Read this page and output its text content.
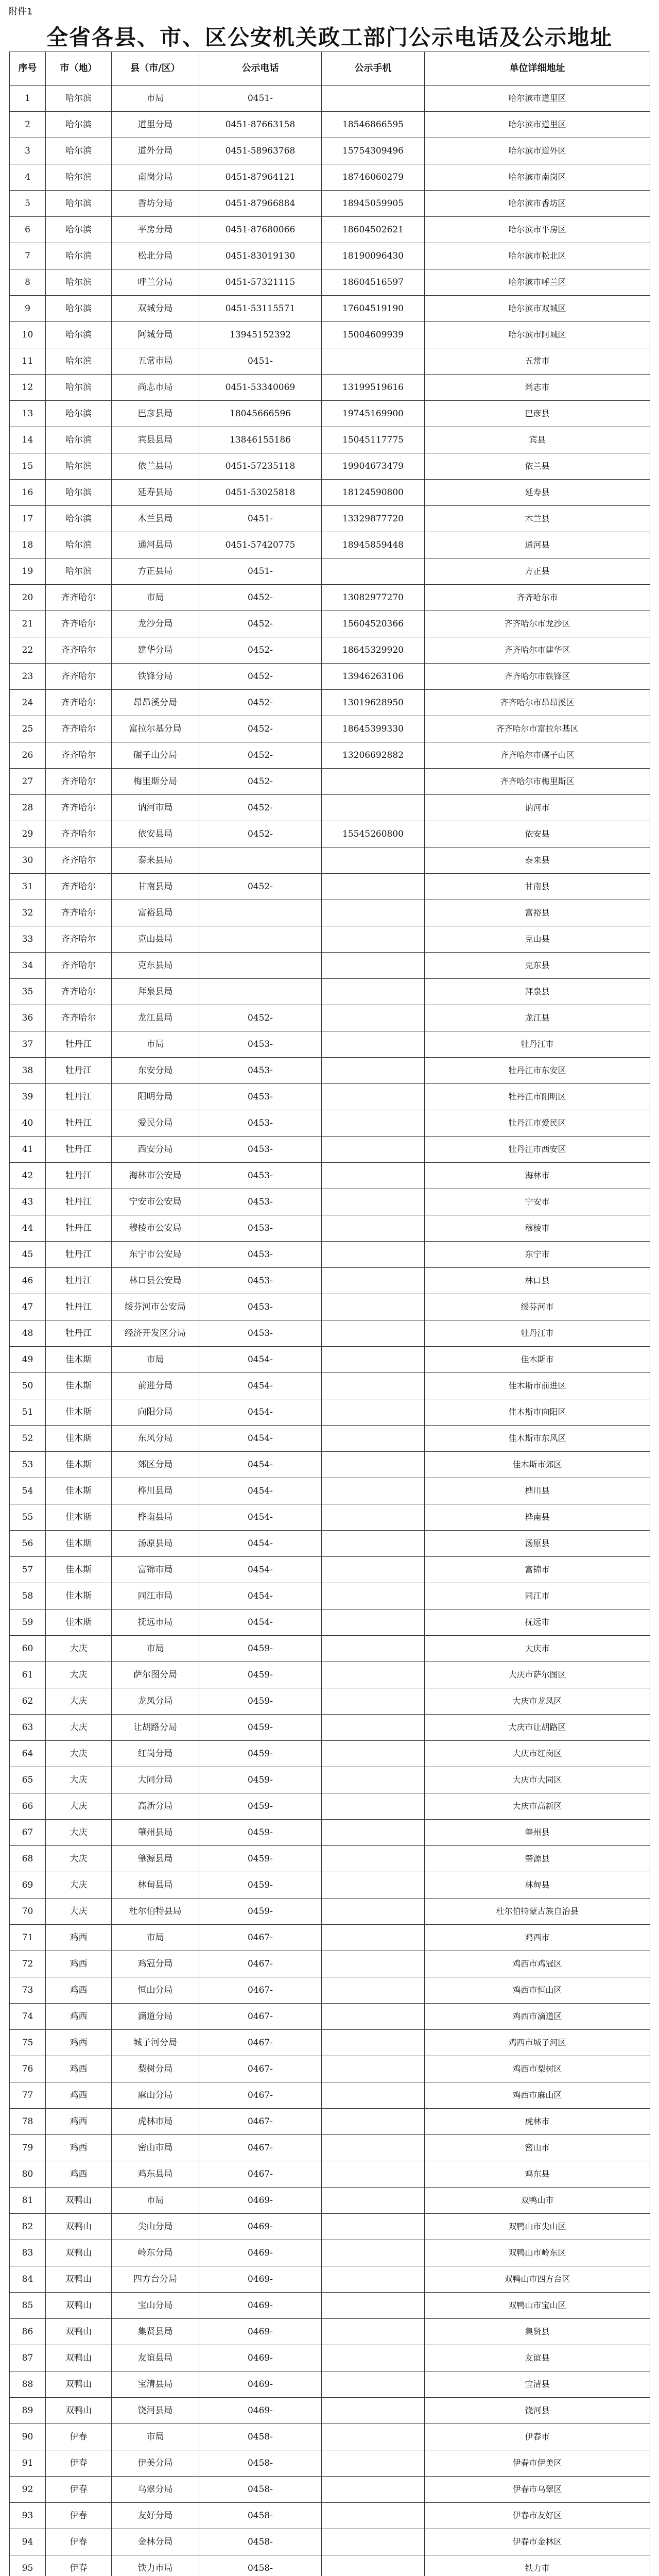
附件1
全省各县、市、区公安机关政工部门公示电话及公示地址
序号	市（地）	县（市/区）	公示电话	公示手机	单位详细地址
1	哈尔滨	市局	0451-		哈尔滨市道里区
2	哈尔滨	道里分局	0451-87663158	18546866595	哈尔滨市道里区
3	哈尔滨	道外分局	0451-58963768	15754309496	哈尔滨市道外区
4	哈尔滨	南岗分局	0451-87964121	18746060279	哈尔滨市南岗区
5	哈尔滨	香坊分局	0451-87966884	18945059905	哈尔滨市香坊区
6	哈尔滨	平房分局	0451-87680066	18604502621	哈尔滨市平房区
7	哈尔滨	松北分局	0451-83019130	18190096430	哈尔滨市松北区
8	哈尔滨	呼兰分局	0451-57321115	18604516597	哈尔滨市呼兰区
9	哈尔滨	双城分局	0451-53115571	17604519190	哈尔滨市双城区
10	哈尔滨	阿城分局	13945152392	15004609939	哈尔滨市阿城区
11	哈尔滨	五常市局	0451-		五常市
12	哈尔滨	尚志市局	0451-53340069	13199519616	尚志市
13	哈尔滨	巴彦县局	18045666596	19745169900	巴彦县
14	哈尔滨	宾县县局	13846155186	15045117775	宾县
15	哈尔滨	依兰县局	0451-57235118	19904673479	依兰县
16	哈尔滨	延寿县局	0451-53025818	18124590800	延寿县
17	哈尔滨	木兰县局	0451-	13329877720	木兰县
18	哈尔滨	通河县局	0451-57420775	18945859448	通河县
19	哈尔滨	方正县局	0451-		方正县
20	齐齐哈尔	市局	0452-	13082977270	齐齐哈尔市
21	齐齐哈尔	龙沙分局	0452-	15604520366	齐齐哈尔市龙沙区
22	齐齐哈尔	建华分局	0452-	18645329920	齐齐哈尔市建华区
23	齐齐哈尔	铁锋分局	0452-	13946263106	齐齐哈尔市铁锋区
24	齐齐哈尔	昂昂溪分局	0452-	13019628950	齐齐哈尔市昂昂溪区
25	齐齐哈尔	富拉尔基分局	0452-	18645399330	齐齐哈尔市富拉尔基区
26	齐齐哈尔	碾子山分局	0452-	13206692882	齐齐哈尔市碾子山区
27	齐齐哈尔	梅里斯分局	0452-		齐齐哈尔市梅里斯区
28	齐齐哈尔	讷河市局	0452-		讷河市
29	齐齐哈尔	依安县局	0452-	15545260800	依安县
30	齐齐哈尔	泰来县局			泰来县
31	齐齐哈尔	甘南县局	0452-		甘南县
32	齐齐哈尔	富裕县局			富裕县
33	齐齐哈尔	克山县局			克山县
34	齐齐哈尔	克东县局			克东县
35	齐齐哈尔	拜泉县局			拜泉县
36	齐齐哈尔	龙江县局	0452-		龙江县
37	牡丹江	市局	0453-		牡丹江市
38	牡丹江	东安分局	0453-		牡丹江市东安区
39	牡丹江	阳明分局	0453-		牡丹江市阳明区
40	牡丹江	爱民分局	0453-		牡丹江市爱民区
41	牡丹江	西安分局	0453-		牡丹江市西安区
42	牡丹江	海林市公安局	0453-		海林市
43	牡丹江	宁安市公安局	0453-		宁安市
44	牡丹江	穆棱市公安局	0453-		穆棱市
45	牡丹江	东宁市公安局	0453-		东宁市
46	牡丹江	林口县公安局	0453-		林口县
47	牡丹江	绥芬河市公安局	0453-		绥芬河市
48	牡丹江	经济开发区分局	0453-		牡丹江市
49	佳木斯	市局	0454-		佳木斯市
50	佳木斯	前进分局	0454-		佳木斯市前进区
51	佳木斯	向阳分局	0454-		佳木斯市向阳区
52	佳木斯	东风分局	0454-		佳木斯市东风区
53	佳木斯	郊区分局	0454-		佳木斯市郊区
54	佳木斯	桦川县局	0454-		桦川县
55	佳木斯	桦南县局	0454-		桦南县
56	佳木斯	汤原县局	0454-		汤原县
57	佳木斯	富锦市局	0454-		富锦市
58	佳木斯	同江市局	0454-		同江市
59	佳木斯	抚远市局	0454-		抚远市
60	大庆	市局	0459-		大庆市
61	大庆	萨尔图分局	0459-		大庆市萨尔图区
62	大庆	龙凤分局	0459-		大庆市龙凤区
63	大庆	让胡路分局	0459-		大庆市让胡路区
64	大庆	红岗分局	0459-		大庆市红岗区
65	大庆	大同分局	0459-		大庆市大同区
66	大庆	高新分局	0459-		大庆市高新区
67	大庆	肇州县局	0459-		肇州县
68	大庆	肇源县局	0459-		肇源县
69	大庆	林甸县局	0459-		林甸县
70	大庆	杜尔伯特县局	0459-		杜尔伯特蒙古族自治县
71	鸡西	市局	0467-		鸡西市
72	鸡西	鸡冠分局	0467-		鸡西市鸡冠区
73	鸡西	恒山分局	0467-		鸡西市恒山区
74	鸡西	滴道分局	0467-		鸡西市滴道区
75	鸡西	城子河分局	0467-		鸡西市城子河区
76	鸡西	梨树分局	0467-		鸡西市梨树区
77	鸡西	麻山分局	0467-		鸡西市麻山区
78	鸡西	虎林市局	0467-		虎林市
79	鸡西	密山市局	0467-		密山市
80	鸡西	鸡东县局	0467-		鸡东县
81	双鸭山	市局	0469-		双鸭山市
82	双鸭山	尖山分局	0469-		双鸭山市尖山区
83	双鸭山	岭东分局	0469-		双鸭山市岭东区
84	双鸭山	四方台分局	0469-		双鸭山市四方台区
85	双鸭山	宝山分局	0469-		双鸭山市宝山区
86	双鸭山	集贤县局	0469-		集贤县
87	双鸭山	友谊县局	0469-		友谊县
88	双鸭山	宝清县局	0469-		宝清县
89	双鸭山	饶河县局	0469-		饶河县
90	伊春	市局	0458-		伊春市
91	伊春	伊美分局	0458-		伊春市伊美区
92	伊春	乌翠分局	0458-		伊春市乌翠区
93	伊春	友好分局	0458-		伊春市友好区
94	伊春	金林分局	0458-		伊春市金林区
95	伊春	铁力市局	0458-		铁力市
